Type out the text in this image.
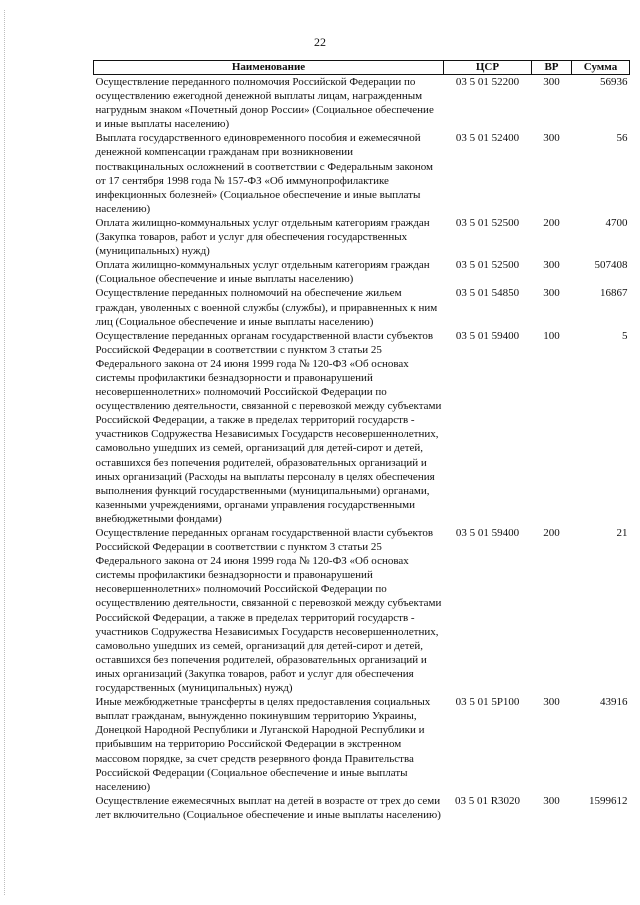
22
Наименование	ЦСР	ВР	Сумма
Осуществление переданного полномочия Российской Федерации по осуществлению ежегодной денежной выплаты лицам, награжденным нагрудным знаком «Почетный донор России» (Социальное обеспечение и иные выплаты населению)	03 5 01 52200	300	56936
Выплата государственного единовременного пособия и ежемесячной денежной компенсации гражданам при возникновении поствакцинальных осложнений в соответствии с Федеральным законом от 17 сентября 1998 года № 157-ФЗ «Об иммунопрофилактике инфекционных болезней» (Социальное обеспечение и иные выплаты населению)	03 5 01 52400	300	56
Оплата жилищно-коммунальных услуг отдельным категориям граждан (Закупка товаров, работ и услуг для обеспечения государственных (муниципальных) нужд)	03 5 01 52500	200	4700
Оплата жилищно-коммунальных услуг отдельным категориям граждан (Социальное обеспечение и иные выплаты населению)	03 5 01 52500	300	507408
Осуществление переданных полномочий на обеспечение жильем граждан, уволенных с военной службы (службы), и приравненных к ним лиц (Социальное обеспечение и иные выплаты населению)	03 5 01 54850	300	16867
Осуществление переданных органам государственной власти субъектов Российской Федерации в соответствии с пунктом 3 статьи 25 Федерального закона от 24 июня 1999 года № 120-ФЗ «Об основах системы профилактики безнадзорности и правонарушений несовершеннолетних» полномочий Российской Федерации по осуществлению деятельности, связанной с перевозкой между субъектами Российской Федерации, а также в пределах территорий государств - участников Содружества Независимых Государств несовершеннолетних, самовольно ушедших из семей, организаций для детей-сирот и детей, оставшихся без попечения родителей, образовательных организаций и иных организаций (Расходы на выплаты персоналу в целях обеспечения выполнения функций государственными (муниципальными) органами, казенными учреждениями, органами управления государственными внебюджетными фондами)	03 5 01 59400	100	5
Осуществление переданных органам государственной власти субъектов Российской Федерации в соответствии с пунктом 3 статьи 25 Федерального закона от 24 июня 1999 года № 120-ФЗ «Об основах системы профилактики безнадзорности и правонарушений несовершеннолетних» полномочий Российской Федерации по осуществлению деятельности, связанной с перевозкой между субъектами Российской Федерации, а также в пределах территорий государств - участников Содружества Независимых Государств несовершеннолетних, самовольно ушедших из семей, организаций для детей-сирот и детей, оставшихся без попечения родителей, образовательных организаций и иных организаций (Закупка товаров, работ и услуг для обеспечения государственных (муниципальных) нужд)	03 5 01 59400	200	21
Иные межбюджетные трансферты в целях предоставления социальных выплат гражданам, вынужденно покинувшим территорию Украины, Донецкой Народной Республики и Луганской Народной Республики и прибывшим на территорию Российской Федерации в экстренном массовом порядке, за счет средств резервного фонда Правительства Российской Федерации (Социальное обеспечение и иные выплаты населению)	03 5 01 5Р100	300	43916
Осуществление ежемесячных выплат на детей в возрасте от трех до семи лет включительно (Социальное обеспечение и иные выплаты населению)	03 5 01 R3020	300	1599612
